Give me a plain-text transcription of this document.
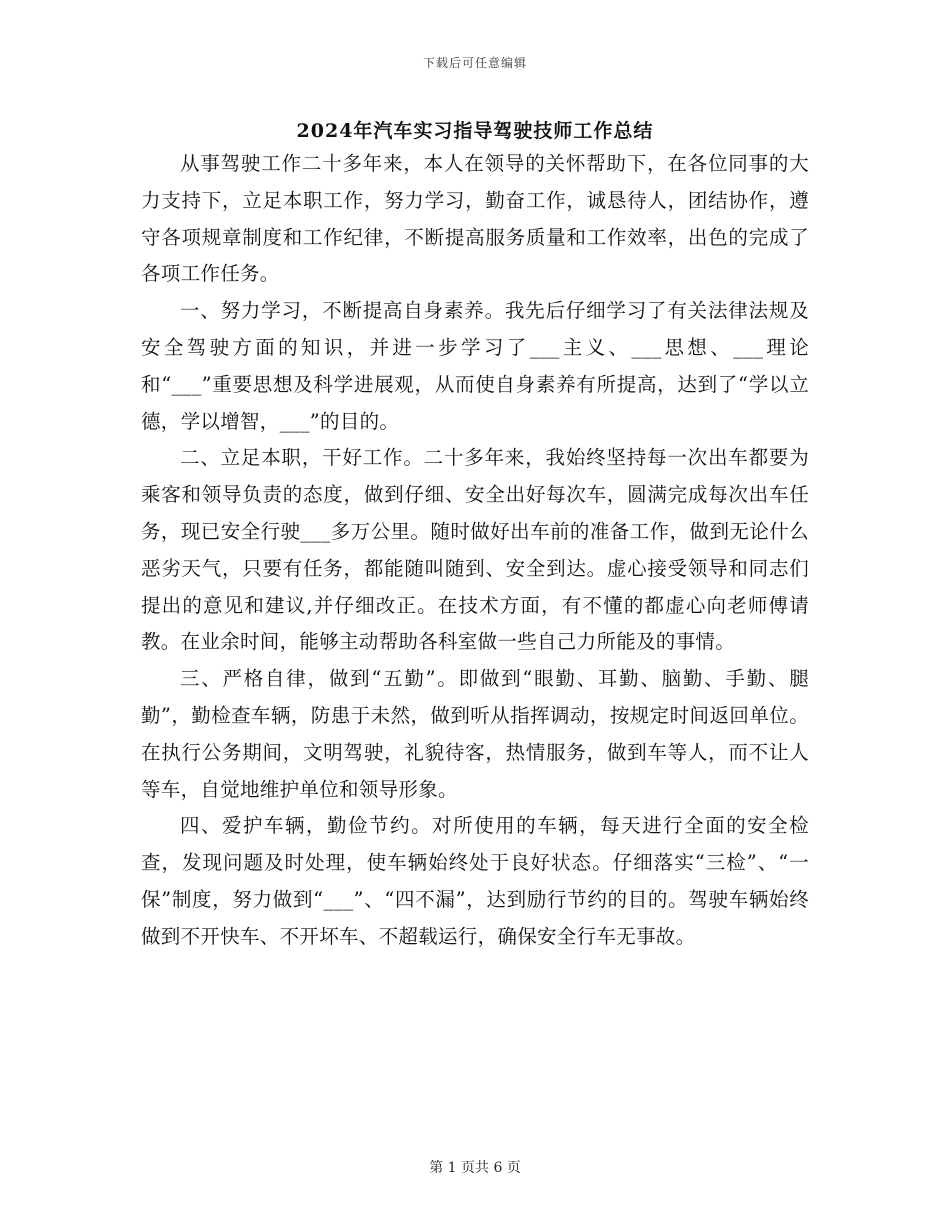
下载后可任意编辑
2024年汽车实习指导驾驶技师工作总结

从事驾驶工作二十多年来，本人在领导的关怀帮助下，在各位同事的大力支持下，立足本职工作，努力学习，勤奋工作，诚恳待人，团结协作，遵守各项规章制度和工作纪律，不断提高服务质量和工作效率，出色的完成了各项工作任务。

一、努力学习，不断提高自身素养。我先后仔细学习了有关法律法规及安全驾驶方面的知识，并进一步学习了___主义、___思想、___理论和“___”重要思想及科学进展观，从而使自身素养有所提高，达到了“学以立德，学以增智，___”的目的。

二、立足本职，干好工作。二十多年来，我始终坚持每一次出车都要为乘客和领导负责的态度，做到仔细、安全出好每次车，圆满完成每次出车任务，现已安全行驶___多万公里。随时做好出车前的准备工作，做到无论什么恶劣天气，只要有任务，都能随叫随到、安全到达。虚心接受领导和同志们提出的意见和建议,并仔细改正。在技术方面，有不懂的都虚心向老师傅请教。在业余时间，能够主动帮助各科室做一些自己力所能及的事情。

三、严格自律，做到“五勤”。即做到“眼勤、耳勤、脑勤、手勤、腿勤”，勤检查车辆，防患于未然，做到听从指挥调动，按规定时间返回单位。在执行公务期间，文明驾驶，礼貌待客，热情服务，做到车等人，而不让人等车，自觉地维护单位和领导形象。

四、爱护车辆，勤俭节约。对所使用的车辆，每天进行全面的安全检查，发现问题及时处理，使车辆始终处于良好状态。仔细落实“三检”、“一保”制度，努力做到“___”、“四不漏”，达到励行节约的目的。驾驶车辆始终做到不开快车、不开坏车、不超载运行，确保安全行车无事故。

第 1 页共 6 页
